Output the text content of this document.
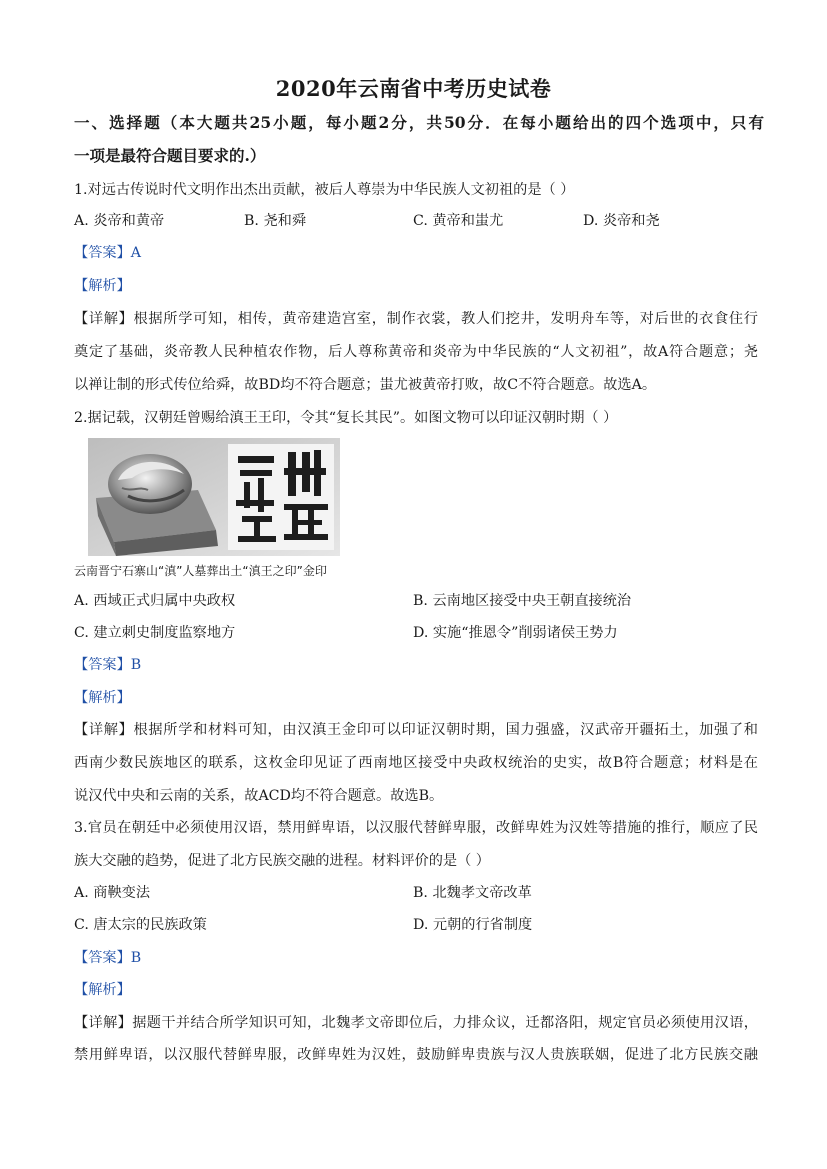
2020年云南省中考历史试卷
一、选择题（本大题共25小题，每小题2分，共50分．在每小题给出的四个选项中，只有
一项是最符合题目要求的.）
1.对远古传说时代文明作出杰出贡献，被后人尊崇为中华民族人文初祖的是（ ）
A. 炎帝和黄帝	B. 尧和舜	C. 黄帝和蚩尤	D. 炎帝和尧
【答案】A
【解析】
【详解】根据所学可知，相传，黄帝建造宫室，制作衣裳，教人们挖井，发明舟车等，对后世的衣食住行
奠定了基础，炎帝教人民种植农作物，后人尊称黄帝和炎帝为中华民族的“人文初祖”，故A符合题意；尧
以禅让制的形式传位给舜，故BD均不符合题意；蚩尤被黄帝打败，故C不符合题意。故选A。
2.据记载，汉朝廷曾赐给滇王王印，令其“复长其民”。如图文物可以印证汉朝时期（ ）
云南晋宁石寨山“滇”人墓葬出土“滇王之印”金印
A. 西域正式归属中央政权	B. 云南地区接受中央王朝直接统治
C. 建立刺史制度监察地方	D. 实施“推恩令”削弱诸侯王势力
【答案】B
【解析】
【详解】根据所学和材料可知，由汉滇王金印可以印证汉朝时期，国力强盛，汉武帝开疆拓土，加强了和
西南少数民族地区的联系，这枚金印见证了西南地区接受中央政权统治的史实，故B符合题意；材料是在
说汉代中央和云南的关系，故ACD均不符合题意。故选B。
3.官员在朝廷中必须使用汉语，禁用鲜卑语，以汉服代替鲜卑服，改鲜卑姓为汉姓等措施的推行，顺应了民
族大交融的趋势，促进了北方民族交融的进程。材料评价的是（ ）
A. 商鞅变法	B. 北魏孝文帝改革
C. 唐太宗的民族政策	D. 元朝的行省制度
【答案】B
【解析】
【详解】据题干并结合所学知识可知，北魏孝文帝即位后，力排众议，迁都洛阳，规定官员必须使用汉语，
禁用鲜卑语，以汉服代替鲜卑服，改鲜卑姓为汉姓，鼓励鲜卑贵族与汉人贵族联姻，促进了北方民族交融
